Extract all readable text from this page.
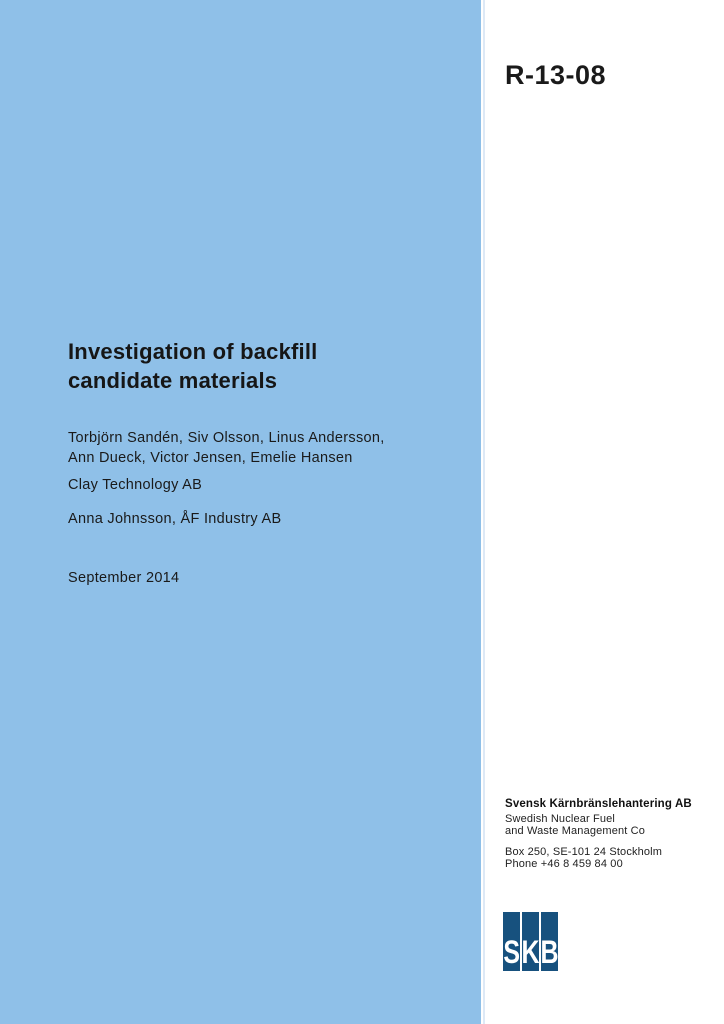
R-13-08
Investigation of backfill
candidate materials
Torbjörn Sandén, Siv Olsson, Linus Andersson,
Ann Dueck, Victor Jensen, Emelie Hansen
Clay Technology AB
Anna Johnsson, ÅF Industry AB
September 2014
Svensk Kärnbränslehantering AB
Swedish Nuclear Fuel
and Waste Management Co
Box 250, SE-101 24 Stockholm
Phone +46 8 459 84 00
S K B
